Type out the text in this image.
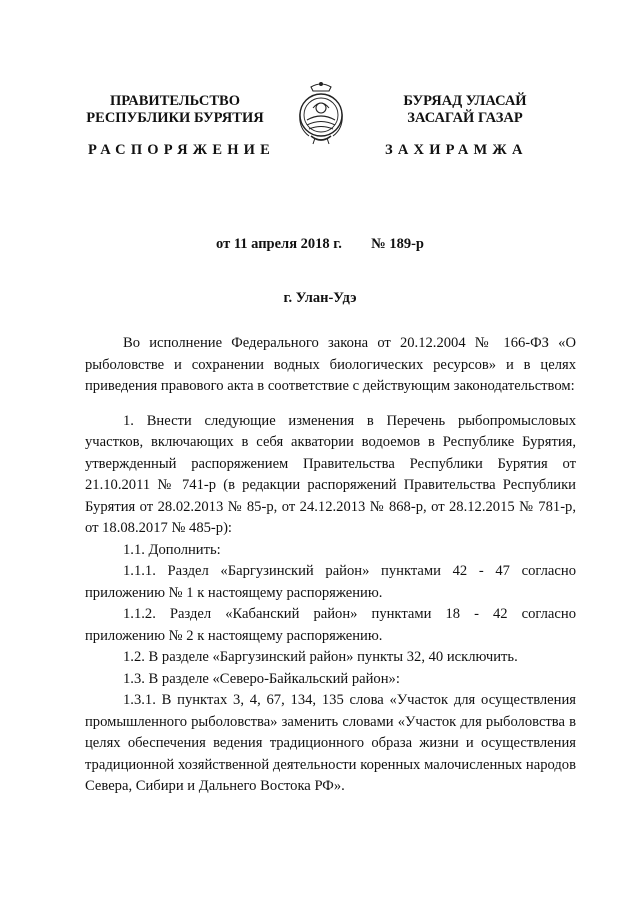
ПРАВИТЕЛЬСТВО
РЕСПУБЛИКИ БУРЯТИЯ
БУРЯАД УЛАСАЙ
ЗАСАГАЙ ГАЗАР
РАСПОРЯЖЕНИЕ	ЗАХИРАМЖА
от 11 апреля 2018 г. № 189-р
г. Улан-Удэ

Во исполнение Федерального закона от 20.12.2004 № 166-ФЗ «О рыболовстве и сохранении водных биологических ресурсов» и в целях приведения правового акта в соответствие с действующим законодательством:

1. Внести следующие изменения в Перечень рыбопромысловых участков, включающих в себя акватории водоемов в Республике Бурятия, утвержденный распоряжением Правительства Республики Бурятия от 21.10.2011 № 741-р (в редакции распоряжений Правительства Республики Бурятия от 28.02.2013 № 85-р, от 24.12.2013 № 868-р, от 28.12.2015 № 781-р, от 18.08.2017 № 485-р):

1.1. Дополнить:

1.1.1. Раздел «Баргузинский район» пунктами 42 - 47 согласно приложению № 1 к настоящему распоряжению.

1.1.2. Раздел «Кабанский район» пунктами 18 - 42 согласно приложению № 2 к настоящему распоряжению.

1.2. В разделе «Баргузинский район» пункты 32, 40 исключить.

1.3. В разделе «Северо-Байкальский район»:

1.3.1. В пунктах 3, 4, 67, 134, 135 слова «Участок для осуществления промышленного рыболовства» заменить словами «Участок для рыболовства в целях обеспечения ведения традиционного образа жизни и осуществления традиционной хозяйственной деятельности коренных малочисленных народов Севера, Сибири и Дальнего Востока РФ».
